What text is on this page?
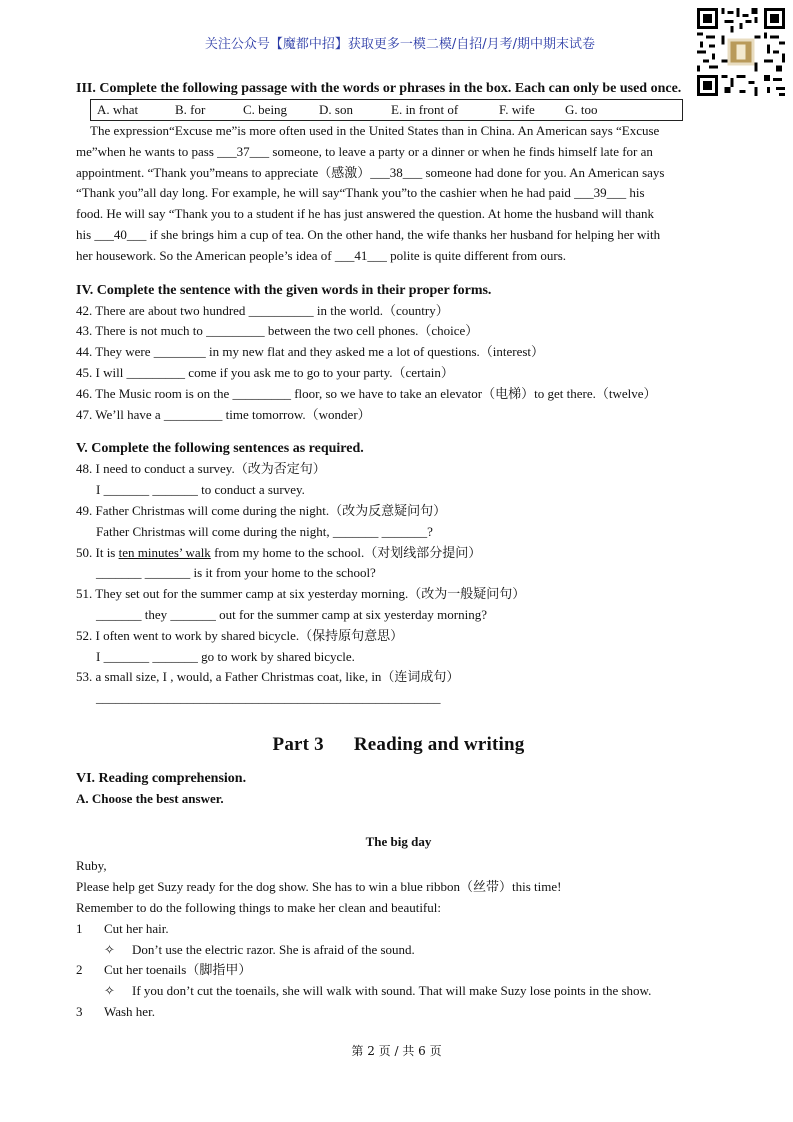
关注公众号【魔都中招】获取更多一模二模/自招/月考/期中期末试卷
III. Complete the following passage with the words or phrases in the box. Each can only be used once.
A. what	B. for	C. being	D. son	E. in front of	F. wife	G. too

The expression“Excuse me”is more often used in the United States than in China. An American says “Excuse

me”when he wants to pass ___37___ someone, to leave a party or a dinner or when he finds himself late for an

appointment. “Thank you”means to appreciate（感激）___38___ someone had done for you. An American says

“Thank you”all day long. For example, he will say“Thank you”to the cashier when he had paid ___39___ his

food. He will say “Thank you to a student if he has just answered the question. At home the husband will thank

his ___40___ if she brings him a cup of tea. On the other hand, the wife thanks her husband for helping her with

her housework. So the American people’s idea of ___41___ polite is quite different from ours.

IV. Complete the sentence with the given words in their proper forms.
42. There are about two hundred __________ in the world.（country）
43. There is not much to _________ between the two cell phones.（choice）
44. They were ________ in my new flat and they asked me a lot of questions.（interest）
45. I will _________ come if you ask me to go to your party.（certain）
46. The Music room is on the _________ floor, so we have to take an elevator（电梯）to get there.（twelve）
47. We’ll have a _________ time tomorrow.（wonder）
V. Complete the following sentences as required.
48. I need to conduct a survey.（改为否定句）
I _______ _______ to conduct a survey.
49. Father Christmas will come during the night.（改为反意疑问句）
Father Christmas will come during the night, _______ _______?
50. It is ten minutes’ walk from my home to the school.（对划线部分提问）
_______ _______ is it from your home to the school?
51. They set out for the summer camp at six yesterday morning.（改为一般疑问句）
_______ they _______ out for the summer camp at six yesterday morning?
52. I often went to work by shared bicycle.（保持原句意思）
I _______ _______ go to work by shared bicycle.
53. a small size, I , would, a Father Christmas coat, like, in（连词成句）
_____________________________________________________
Part 3 Reading and writing
VI. Reading comprehension.
A. Choose the best answer.
The big day
Ruby,
Please help get Suzy ready for the dog show. She has to win a blue ribbon（丝带）this time!
Remember to do the following things to make her clean and beautiful:
1	Cut her hair.
✧ Don’t use the electric razor. She is afraid of the sound.
2	Cut her toenails（脚指甲）
✧ If you don’t cut the toenails, she will walk with sound. That will make Suzy lose points in the show.
3	Wash her.
第 2 页 / 共 6 页
